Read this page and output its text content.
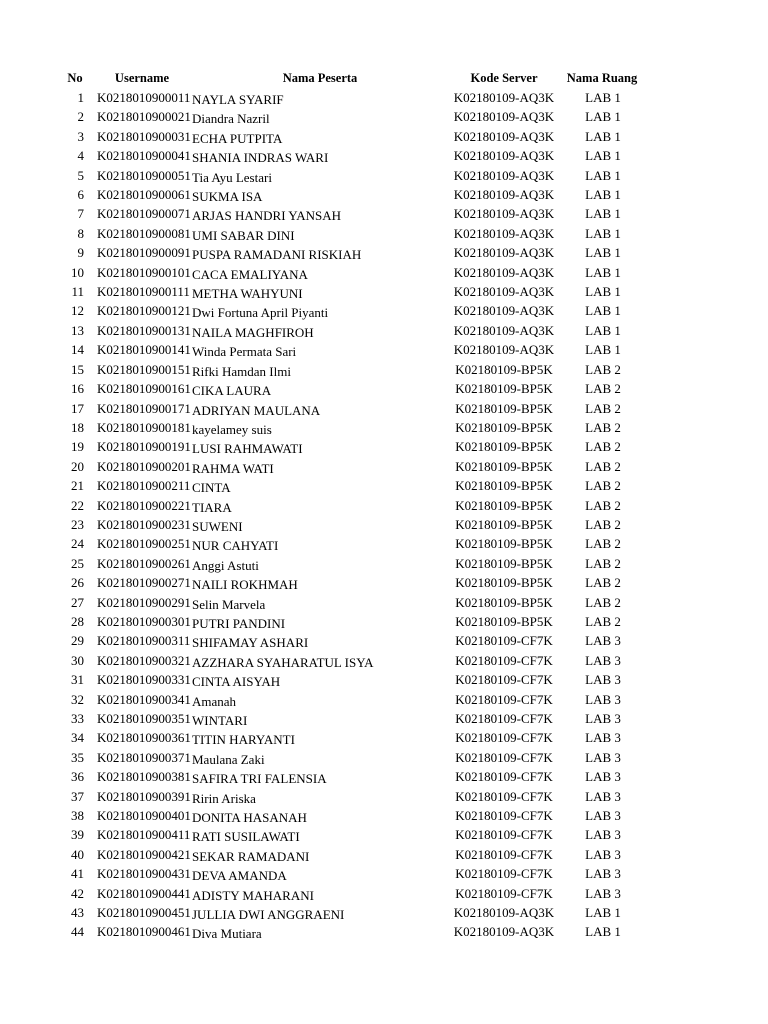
No	Username	Nama Peserta	Kode Server	Nama Ruang
1 K0218010900011 NAYLA SYARIF	K02180109-AQ3K	LAB 1
2 K0218010900021 Diandra Nazril	K02180109-AQ3K	LAB 1
3 K0218010900031 ECHA PUTPITA	K02180109-AQ3K	LAB 1
4 K0218010900041 SHANIA INDRAS WARI	K02180109-AQ3K	LAB 1
5 K0218010900051 Tia Ayu Lestari	K02180109-AQ3K	LAB 1
6 K0218010900061 SUKMA ISA	K02180109-AQ3K	LAB 1
7 K0218010900071 ARJAS HANDRI YANSAH	K02180109-AQ3K	LAB 1
8 K0218010900081 UMI SABAR DINI	K02180109-AQ3K	LAB 1
9 K0218010900091 PUSPA RAMADANI RISKIAH	K02180109-AQ3K	LAB 1
10 K0218010900101 CACA EMALIYANA	K02180109-AQ3K	LAB 1
11 K0218010900111 METHA WAHYUNI	K02180109-AQ3K	LAB 1
12 K0218010900121 Dwi Fortuna April Piyanti	K02180109-AQ3K	LAB 1
13 K0218010900131 NAILA MAGHFIROH	K02180109-AQ3K	LAB 1
14 K0218010900141 Winda Permata Sari	K02180109-AQ3K	LAB 1
15 K0218010900151 Rifki Hamdan Ilmi	K02180109-BP5K	LAB 2
16 K0218010900161 CIKA LAURA	K02180109-BP5K	LAB 2
17 K0218010900171 ADRIYAN MAULANA	K02180109-BP5K	LAB 2
18 K0218010900181 kayelamey suis	K02180109-BP5K	LAB 2
19 K0218010900191 LUSI RAHMAWATI	K02180109-BP5K	LAB 2
20 K0218010900201 RAHMA WATI	K02180109-BP5K	LAB 2
21 K0218010900211 CINTA	K02180109-BP5K	LAB 2
22 K0218010900221 TIARA	K02180109-BP5K	LAB 2
23 K0218010900231 SUWENI	K02180109-BP5K	LAB 2
24 K0218010900251 NUR CAHYATI	K02180109-BP5K	LAB 2
25 K0218010900261 Anggi Astuti	K02180109-BP5K	LAB 2
26 K0218010900271 NAILI ROKHMAH	K02180109-BP5K	LAB 2
27 K0218010900291 Selin Marvela	K02180109-BP5K	LAB 2
28 K0218010900301 PUTRI PANDINI	K02180109-BP5K	LAB 2
29 K0218010900311 SHIFAMAY ASHARI	K02180109-CF7K	LAB 3
30 K0218010900321 AZZHARA SYAHARATUL ISYA	K02180109-CF7K	LAB 3
31 K0218010900331 CINTA AISYAH	K02180109-CF7K	LAB 3
32 K0218010900341 Amanah	K02180109-CF7K	LAB 3
33 K0218010900351 WINTARI	K02180109-CF7K	LAB 3
34 K0218010900361 TITIN HARYANTI	K02180109-CF7K	LAB 3
35 K0218010900371 Maulana Zaki	K02180109-CF7K	LAB 3
36 K0218010900381 SAFIRA TRI FALENSIA	K02180109-CF7K	LAB 3
37 K0218010900391 Ririn Ariska	K02180109-CF7K	LAB 3
38 K0218010900401 DONITA HASANAH	K02180109-CF7K	LAB 3
39 K0218010900411 RATI SUSILAWATI	K02180109-CF7K	LAB 3
40 K0218010900421 SEKAR RAMADANI	K02180109-CF7K	LAB 3
41 K0218010900431 DEVA AMANDA	K02180109-CF7K	LAB 3
42 K0218010900441 ADISTY MAHARANI	K02180109-CF7K	LAB 3
43 K0218010900451 JULLIA DWI ANGGRAENI	K02180109-AQ3K	LAB 1
44 K0218010900461 Diva Mutiara	K02180109-AQ3K	LAB 1
